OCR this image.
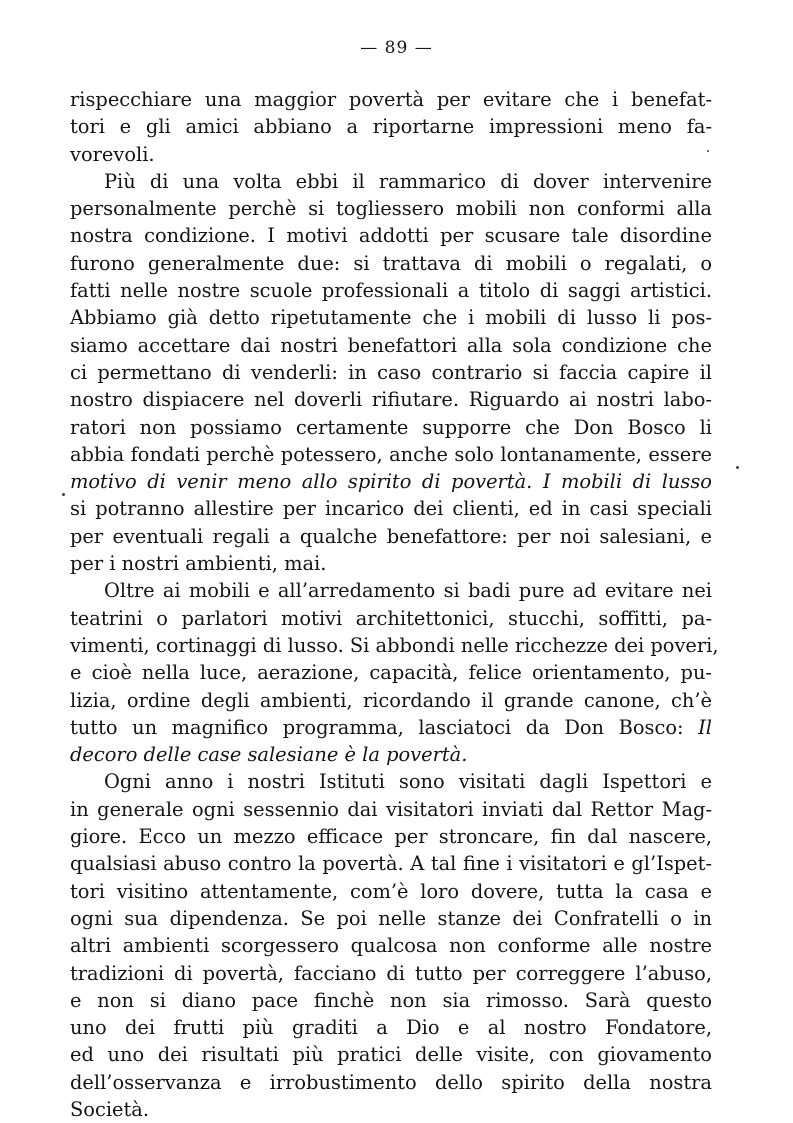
— 89 —
rispecchiare una maggior povertà per evitare che i benefat-
tori e gli amici abbiano a riportarne impressioni meno fa-
vorevoli.
Più di una volta ebbi il rammarico di dover intervenire
personalmente perchè si togliessero mobili non conformi alla
nostra condizione. I motivi addotti per scusare tale disordine
furono generalmente due: si trattava di mobili o regalati, o
fatti nelle nostre scuole professionali a titolo di saggi artistici.
Abbiamo già detto ripetutamente che i mobili di lusso li pos-
siamo accettare dai nostri benefattori alla sola condizione che
ci permettano di venderli: in caso contrario si faccia capire il
nostro dispiacere nel doverli rifiutare. Riguardo ai nostri labo-
ratori non possiamo certamente supporre che Don Bosco li
abbia fondati perchè potessero, anche solo lontanamente, essere
motivo di venir meno allo spirito di povertà. I mobili di lusso
si potranno allestire per incarico dei clienti, ed in casi speciali
per eventuali regali a qualche benefattore: per noi salesiani, e
per i nostri ambienti, mai.
Oltre ai mobili e all’arredamento si badi pure ad evitare nei
teatrini o parlatori motivi architettonici, stucchi, soffitti, pa-
vimenti, cortinaggi di lusso. Si abbondi nelle ricchezze dei poveri,
e cioè nella luce, aerazione, capacità, felice orientamento, pu-
lizia, ordine degli ambienti, ricordando il grande canone, ch’è
tutto un magnifico programma, lasciatoci da Don Bosco: Il
decoro delle case salesiane è la povertà.
Ogni anno i nostri Istituti sono visitati dagli Ispettori e
in generale ogni sessennio dai visitatori inviati dal Rettor Mag-
giore. Ecco un mezzo efficace per stroncare, fin dal nascere,
qualsiasi abuso contro la povertà. A tal fine i visitatori e gl’Ispet-
tori visitino attentamente, com’è loro dovere, tutta la casa e
ogni sua dipendenza. Se poi nelle stanze dei Confratelli o in
altri ambienti scorgessero qualcosa non conforme alle nostre
tradizioni di povertà, facciano di tutto per correggere l’abuso,
e non si diano pace finchè non sia rimosso. Sarà questo
uno dei frutti più graditi a Dio e al nostro Fondatore,
ed uno dei risultati più pratici delle visite, con giovamento
dell’osservanza e irrobustimento dello spirito della nostra
Società.
